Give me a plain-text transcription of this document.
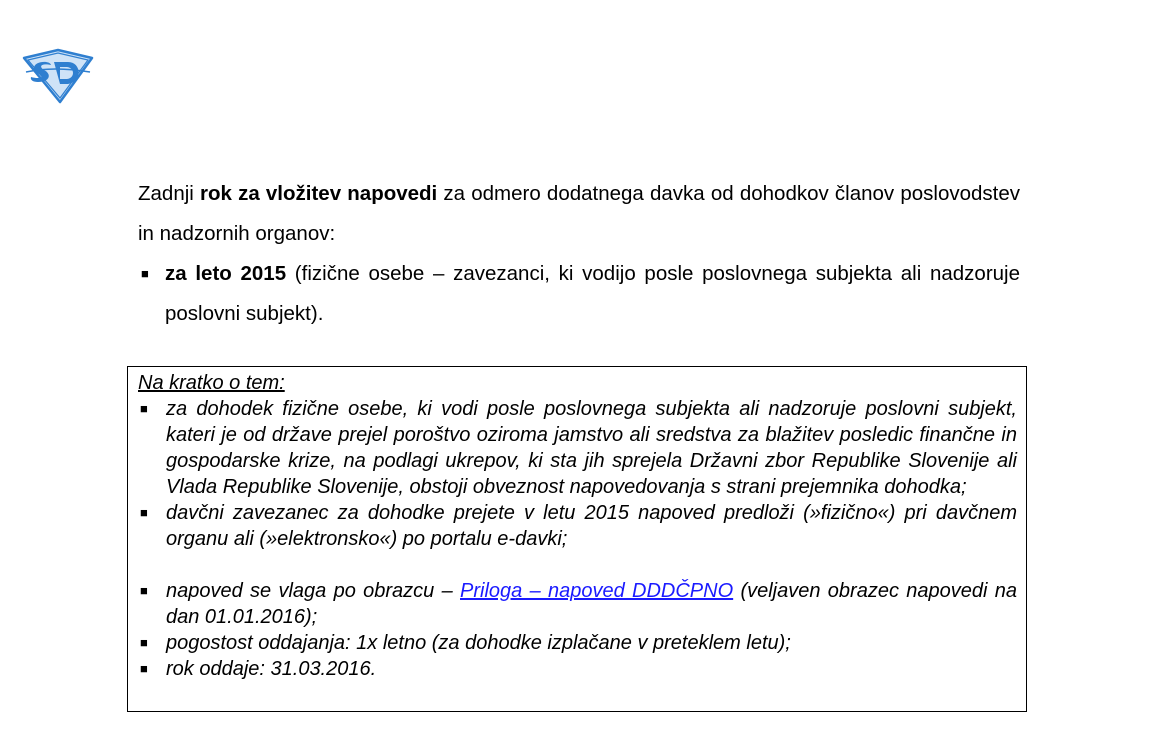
Zadnji rok za vložitev napovedi za odmero dodatnega davka od dohodkov članov poslovodstev in nadzornih organov:

■ za leto 2015 (fizične osebe – zavezanci, ki vodijo posle poslovnega subjekta ali nadzoruje poslovni subjekt).

Na kratko o tem:

■ za dohodek fizične osebe, ki vodi posle poslovnega subjekta ali nadzoruje poslovni subjekt, kateri je od države prejel poroštvo oziroma jamstvo ali sredstva za blažitev posledic finančne in gospodarske krize, na podlagi ukrepov, ki sta jih sprejela Državni zbor Republike Slovenije ali Vlada Republike Slovenije, obstoji obveznost napovedovanja s strani prejemnika dohodka;
■ davčni zavezanec za dohodke prejete v letu 2015 napoved predloži (»fizično«) pri davčnem organu ali (»elektronsko«) po portalu e-davki;
■ napoved se vlaga po obrazcu – Priloga – napoved DDDČPNO (veljaven obrazec napovedi na dan 01.01.2016);
■ pogostost oddajanja: 1x letno (za dohodke izplačane v preteklem letu);
■ rok oddaje: 31.03.2016.
